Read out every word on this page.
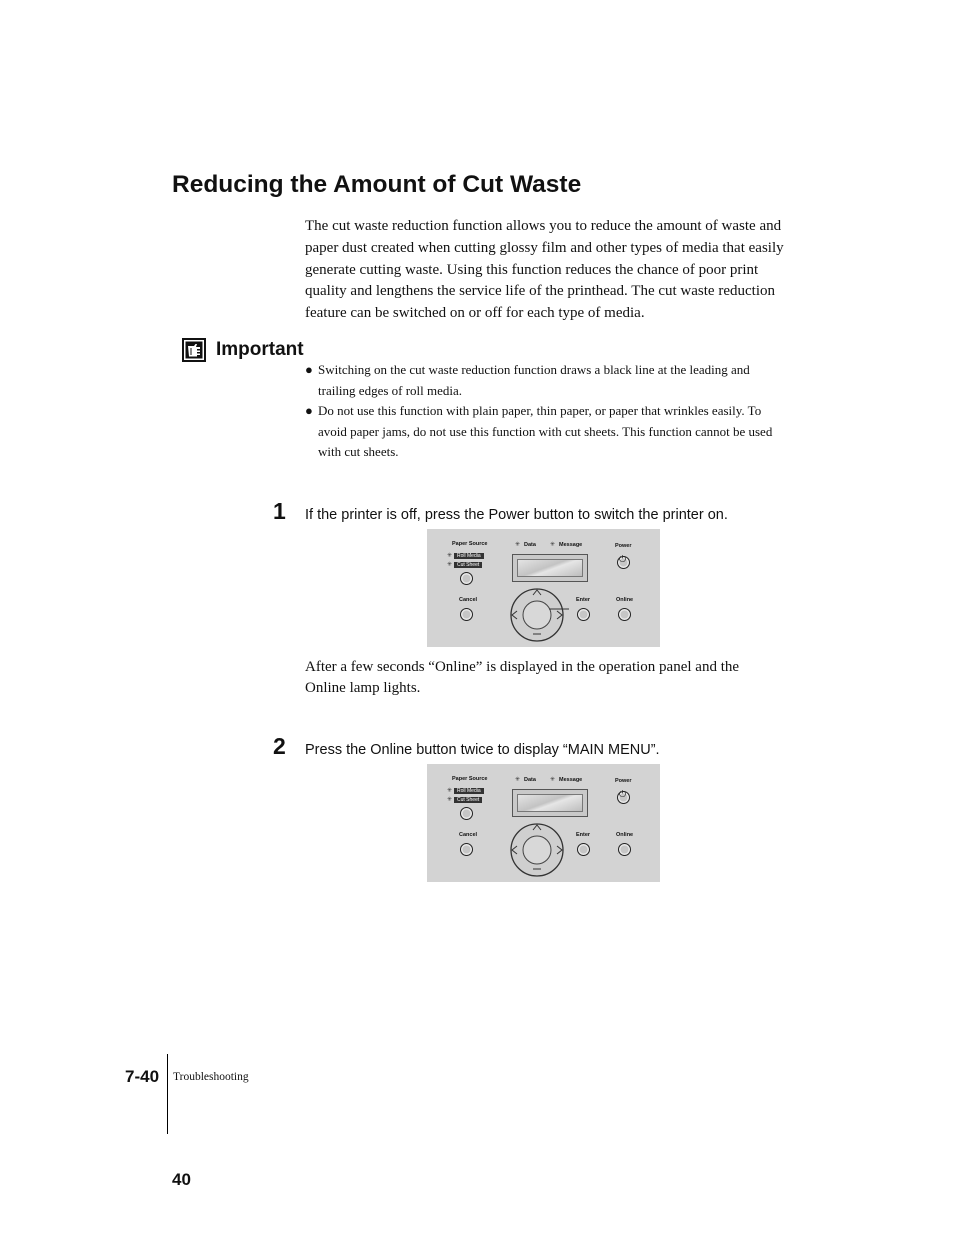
Reducing the Amount of Cut Waste

The cut waste reduction function allows you to reduce the amount of waste and paper dust created when cutting glossy film and other types of media that easily generate cutting waste. Using this function reduces the chance of poor print quality and lengthens the service life of the printhead. The cut waste reduction feature can be switched on or off for each type of media.

Important
● Switching on the cut waste reduction function draws a black line at the leading and trailing edges of roll media.
● Do not use this function with plain paper, thin paper, or paper that wrinkles easily. To avoid paper jams, do not use this function with cut sheets. This function cannot be used with cut sheets.
1 If the printer is off, press the Power button to switch the printer on.
Paper Source
✳ Roll Media
✳ Cut Sheet
✳ Data ✳ Message	Power
⏻
Cancel	Enter	Online

After a few seconds “Online” is displayed in the operation panel and the Online lamp lights.

2 Press the Online button twice to display “MAIN MENU”.
Paper Source
✳ Roll Media
✳ Cut Sheet
✳ Data ✳ Message	Power
⏻
Cancel	Enter	Online
7-40 Troubleshooting
40
